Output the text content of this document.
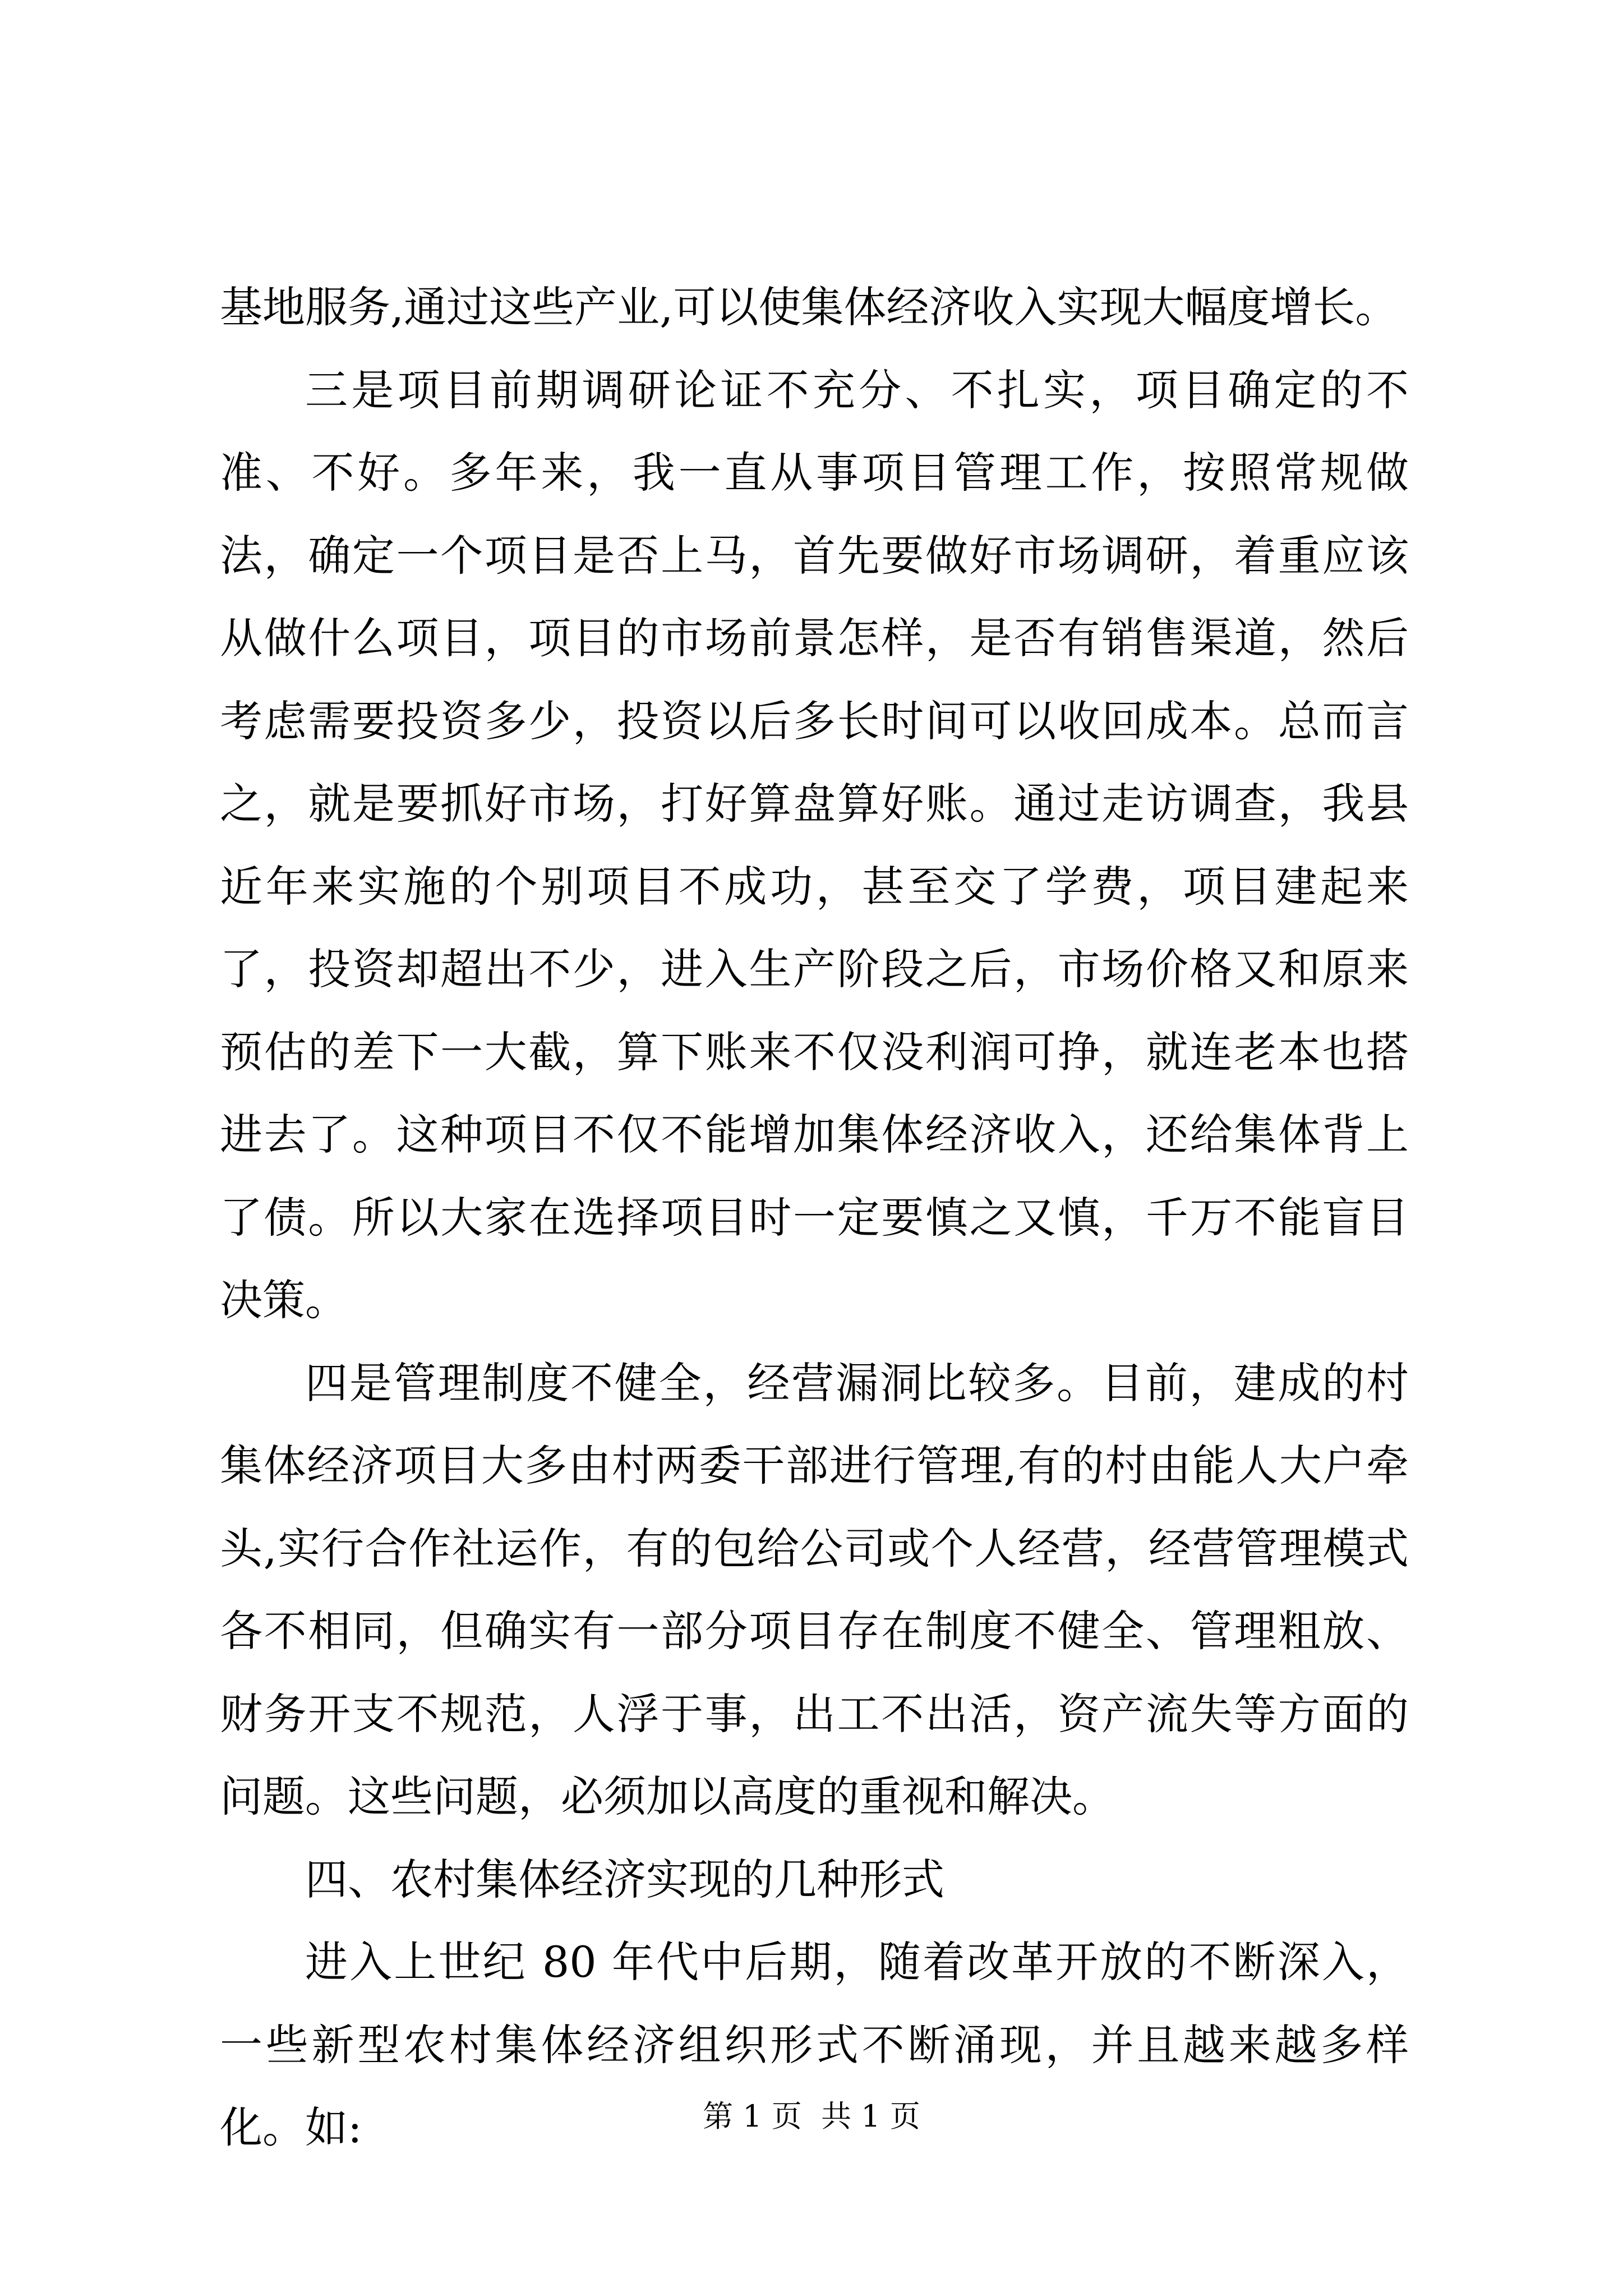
基地服务,通过这些产业,可以使集体经济收入实现大幅度增长。

三是项目前期调研论证不充分、不扎实，项目确定的不准、不好。多年来，我一直从事项目管理工作，按照常规做法，确定一个项目是否上马，首先要做好市场调研，着重应该从做什么项目，项目的市场前景怎样，是否有销售渠道，然后考虑需要投资多少，投资以后多长时间可以收回成本。总而言之，就是要抓好市场，打好算盘算好账。通过走访调查，我县近年来实施的个别项目不成功，甚至交了学费，项目建起来了，投资却超出不少，进入生产阶段之后，市场价格又和原来预估的差下一大截，算下账来不仅没利润可挣，就连老本也搭进去了。这种项目不仅不能增加集体经济收入，还给集体背上了债。所以大家在选择项目时一定要慎之又慎，千万不能盲目决策。

四是管理制度不健全，经营漏洞比较多。目前，建成的村集体经济项目大多由村两委干部进行管理,有的村由能人大户牵头,实行合作社运作，有的包给公司或个人经营，经营管理模式各不相同，但确实有一部分项目存在制度不健全、管理粗放、财务开支不规范，人浮于事，出工不出活，资产流失等方面的问题。这些问题，必须加以高度的重视和解决。

四、农村集体经济实现的几种形式

进入上世纪 80 年代中后期，随着改革开放的不断深入，一些新型农村集体经济组织形式不断涌现，并且越来越多样化。如:	第 1 页  共 1 页
